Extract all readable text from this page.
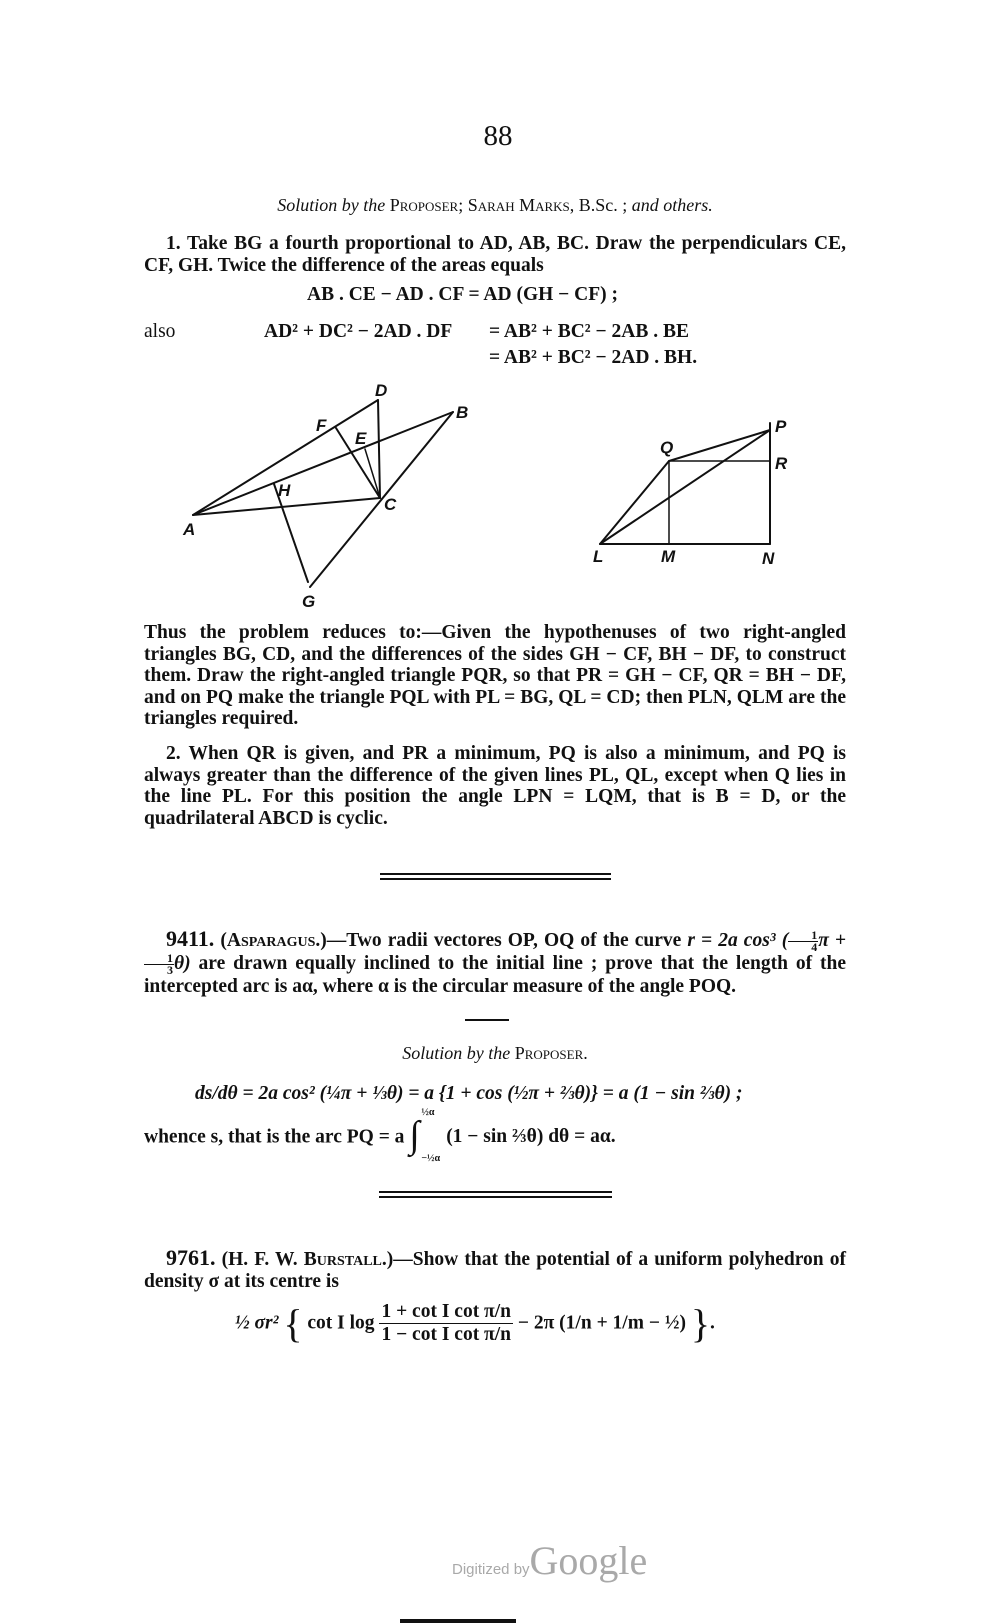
88
Solution by the Proposer; Sarah Marks, B.Sc. ; and others.

1. Take BG a fourth proportional to AD, AB, BC. Draw the perpendiculars CE, CF, GH. Twice the difference of the areas equals

AB . CE − AD . CF = AD (GH − CF) ;
also	AD² + DC² − 2AD . DF = AB² + BC² − 2AB . BE
= AB² + BC² − 2AD . BH.
D
B
F
E
H
C
A
G
P
Q
R
L	M	N

Thus the problem reduces to:—Given the hypothenuses of two right-angled triangles BG, CD, and the differences of the sides GH − CF, BH − DF, to construct them. Draw the right-angled triangle PQR, so that PR = GH − CF, QR = BH − DF, and on PQ make the triangle PQL with PL = BG, QL = CD; then PLN, QLM are the triangles required.

2. When QR is given, and PR a minimum, PQ is also a minimum, and PQ is always greater than the difference of the given lines PL, QL, except when Q lies in the line PL. For this position the angle LPN = LQM, that is B = D, or the quadrilateral ABCD is cyclic.

9411. (Asparagus.)—Two radii vectores OP, OQ of the curve r = 2a cos³ ( $\frac{1}{4}$ π +
$\frac{1}{3} \theta$) are drawn equally inclined to the initial line ; prove that the length of the intercepted arc is aα, where α is the circular measure of the angle POQ.

Solution by the Proposer.
ds/dθ = 2a cos² (¼π + ⅓θ) = a {1 + cos (½π + ⅔θ)} = a (1 − sin ⅔θ) ;
whence s, that is the arc PQ = a ∫
½α
−½α
(1 − sin ⅔θ) dθ = aα.

9761. (H. F. W. Burstall.)—Show that the potential of a uniform polyhedron of density σ at its centre is

½ σr² { cot I $\log \frac{\text{1 + cot I cot π/n}}{\text{1 − cot I cot π/n}} - 2\pi$ (1/n + 1/m − ½) }.
Digitized byGoogle
